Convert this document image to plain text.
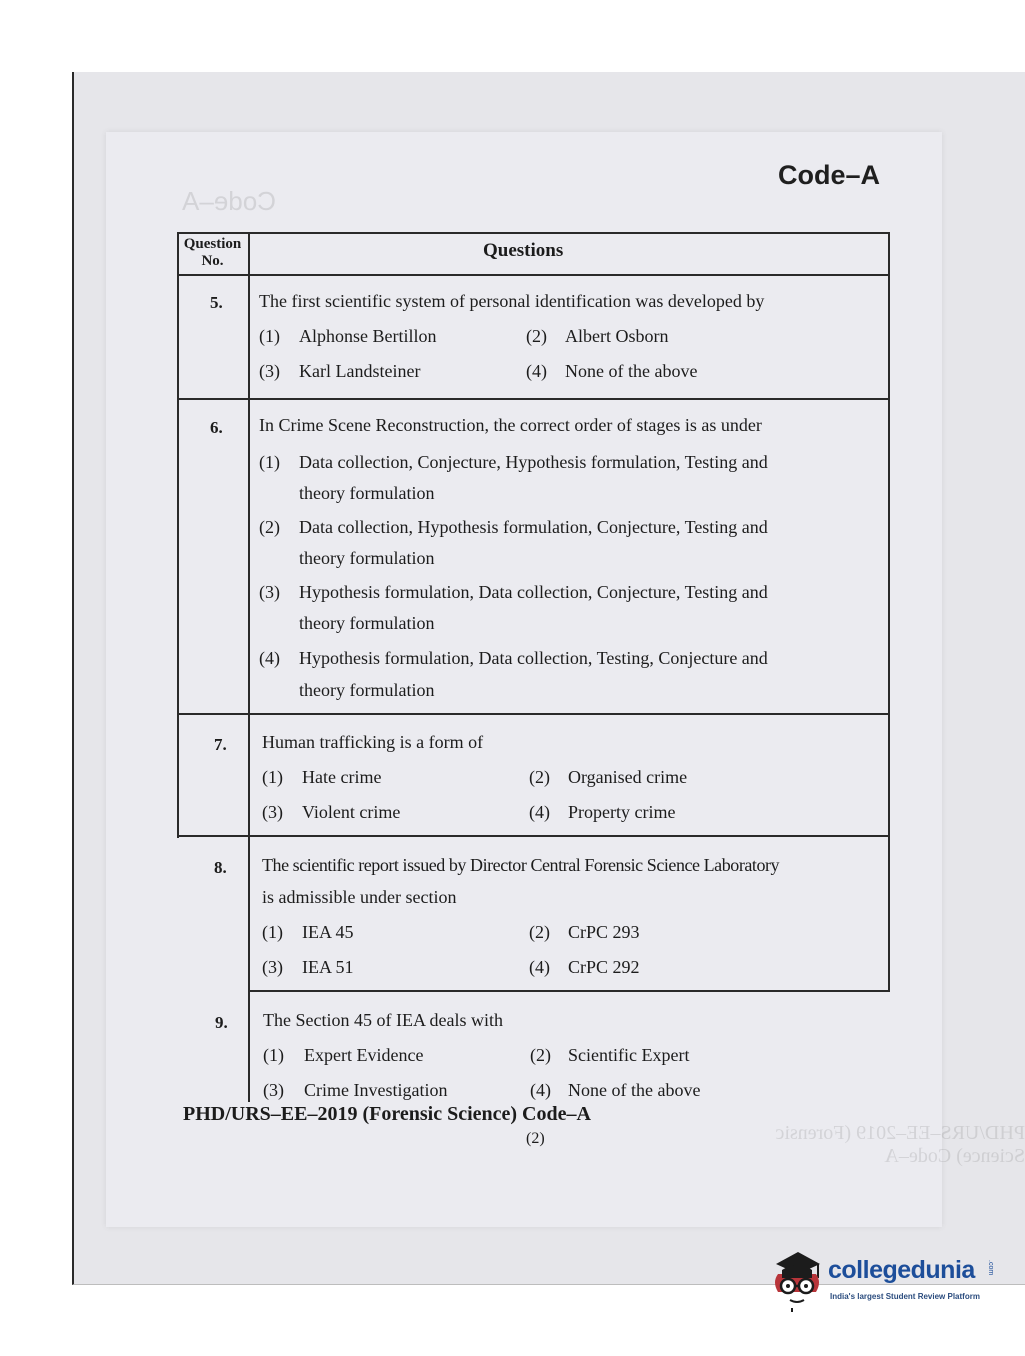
Code–A
PHD/URS–EE–2019 (Forensic Science) Code–A
Code–A
Question No.	Questions
5. The first scientific system of personal identification was developed by
(1) Alphonse Bertillon	(2) Albert Osborn
(3) Karl Landsteiner	(4) None of the above
6. In Crime Scene Reconstruction, the correct order of stages is as under
(1) Data collection, Conjecture, Hypothesis formulation, Testing and
theory formulation
(2) Data collection, Hypothesis formulation, Conjecture, Testing and
theory formulation
(3) Hypothesis formulation, Data collection, Conjecture, Testing and
theory formulation
(4) Hypothesis formulation, Data collection, Testing, Conjecture and
theory formulation
7. Human trafficking is a form of
(1) Hate crime	(2) Organised crime
(3) Violent crime	(4) Property crime
8. The scientific report issued by Director Central Forensic Science Laboratory
is admissible under section
(1) IEA 45	(2) CrPC 293
(3) IEA 51	(4) CrPC 292
9. The Section 45 of IEA deals with
(1) Expert Evidence	(2) Scientific Expert
(3) Crime Investigation	(4) None of the above
PHD/URS–EE–2019 (Forensic Science) Code–A
(2)
collegedunia .com
India's largest Student Review Platform
